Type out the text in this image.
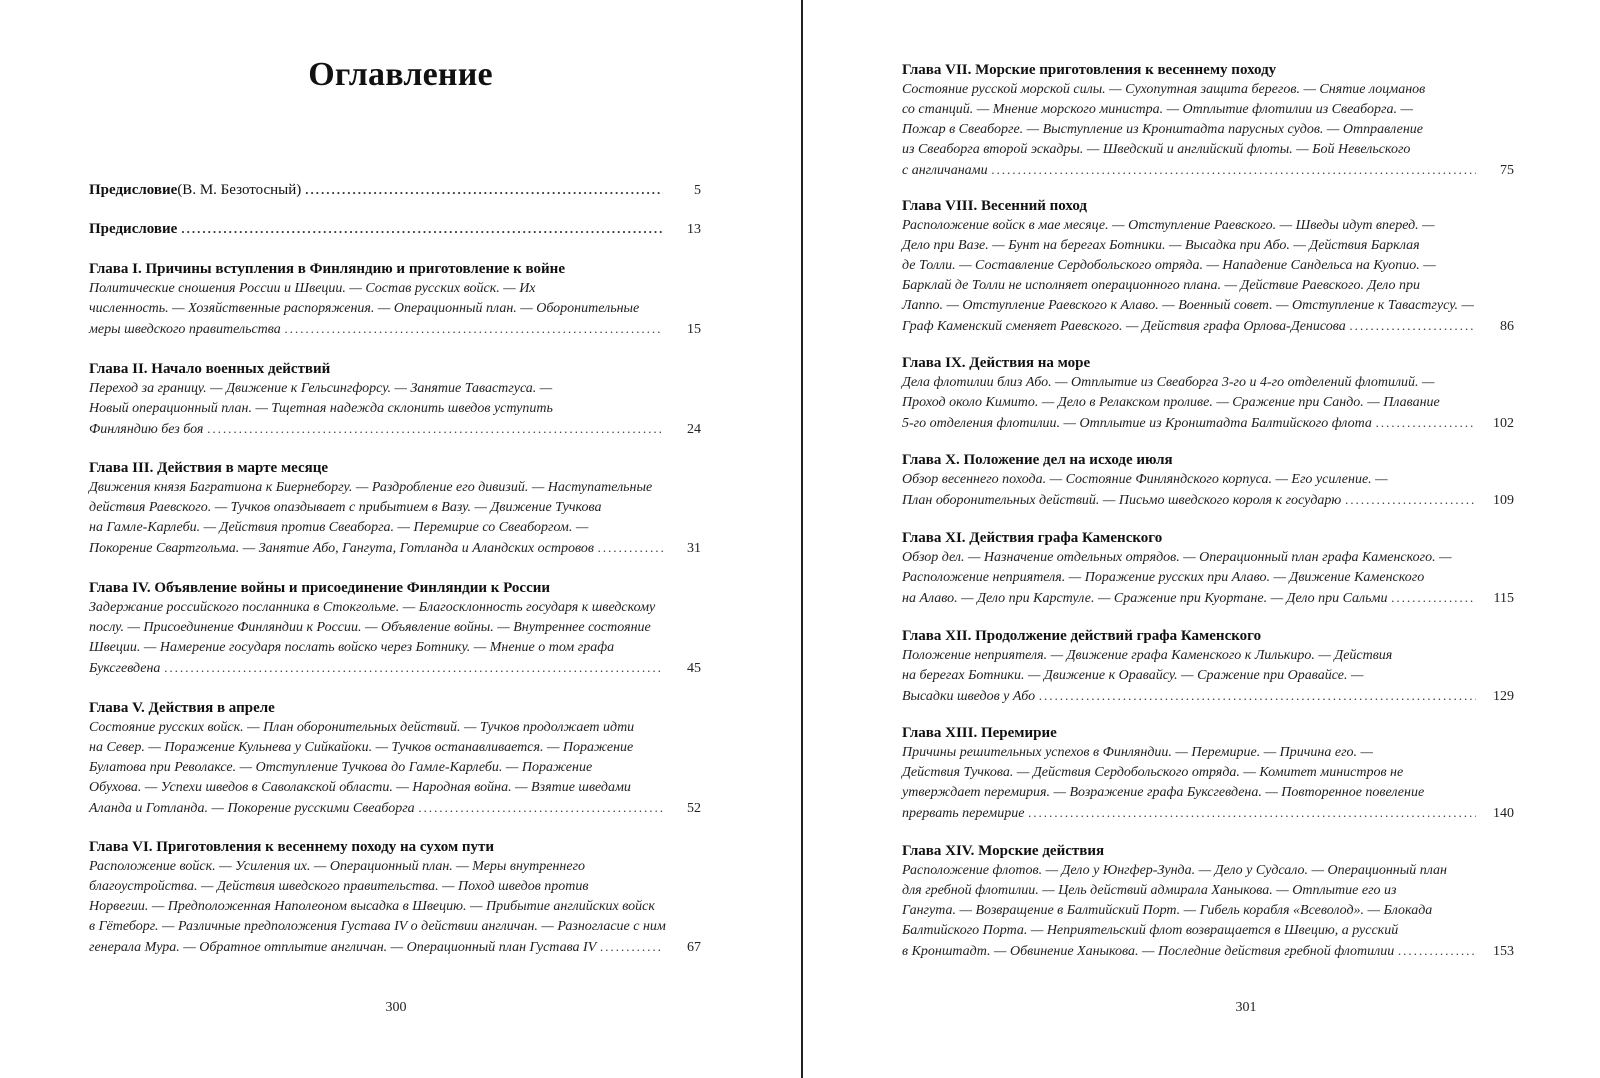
Оглавление
Предисловие (В. М. Безотосный) .....	5
Предисловие .....	13
Глава I. Причины вступления в Финляндию и приготовление к войне
Политические сношения России и Швеции. — Состав русских войск. — Их
численность. — Хозяйственные распоряжения. — Операционный план. — Оборонительные
меры шведского правительства .....	15
Глава II. Начало военных действий
Переход за границу. — Движение к Гельсингфорсу. — Занятие Тавастгуса. —
Новый операционный план. — Тщетная надежда склонить шведов уступить
Финляндию без боя .....	24
Глава III. Действия в марте месяце
Движения князя Багратиона к Биернеборгу. — Раздробление его дивизий. — Наступательные
действия Раевского. — Тучков опаздывает с прибытием в Вазу. — Движение Тучкова
на Гамле-Карлеби. — Действия против Свеаборга. — Перемирие со Свеаборгом. —
Покорение Свартгольма. — Занятие Або, Гангута, Готланда и Аландских островов .....	31
Глава IV. Объявление войны и присоединение Финляндии к России
Задержание российского посланника в Стокгольме. — Благосклонность государя к шведскому
послу. — Присоединение Финляндии к России. — Объявление войны. — Внутреннее состояние
Швеции. — Намерение государя послать войско через Ботнику. — Мнение о том графа
Буксгевдена .....	45
Глава V. Действия в апреле
Состояние русских войск. — План оборонительных действий. — Тучков продолжает идти
на Север. — Поражение Кульнева у Сийкайоки. — Тучков останавливается. — Поражение
Булатова при Револаксе. — Отступление Тучкова до Гамле-Карлеби. — Поражение
Обухова. — Успехи шведов в Саволакской области. — Народная война. — Взятие шведами
Аланда и Готланда. — Покорение русскими Свеаборга .....	52
Глава VI. Приготовления к весеннему походу на сухом пути
Расположение войск. — Усиления их. — Операционный план. — Меры внутреннего
благоустройства. — Действия шведского правительства. — Поход шведов против
Норвегии. — Предположенная Наполеоном высадка в Швецию. — Прибытие английских войск
в Гётеборг. — Различные предположения Густава IV о действии англичан. — Разногласие с ним
генерала Мура. — Обратное отплытие англичан. — Операционный план Густава IV .....	67
300
Глава VII. Морские приготовления к весеннему походу
Состояние русской морской силы. — Сухопутная защита берегов. — Снятие лоцманов
со станций. — Мнение морского министра. — Отплытие флотилии из Свеаборга. —
Пожар в Свеаборге. — Выступление из Кронштадта парусных судов. — Отправление
из Свеаборга второй эскадры. — Шведский и английский флоты. — Бой Невельского
с англичанами .....	75
Глава VIII. Весенний поход
Расположение войск в мае месяце. — Отступление Раевского. — Шведы идут вперед. —
Дело при Вазе. — Бунт на берегах Ботники. — Высадка при Або. — Действия Барклая
де Толли. — Составление Сердобольского отряда. — Нападение Сандельса на Куопио. —
Барклай де Толли не исполняет операционного плана. — Действие Раевского. Дело при
Лаппо. — Отступление Раевского к Алаво. — Военный совет. — Отступление к Тавастгусу. —
Граф Каменский сменяет Раевского. — Действия графа Орлова-Денисова .....	86
Глава IX. Действия на море
Дела флотилии близ Або. — Отплытие из Свеаборга 3-го и 4-го отделений флотилий. —
Проход около Кимито. — Дело в Релакском проливе. — Сражение при Сандо. — Плавание
5-го отделения флотилии. — Отплытие из Кронштадта Балтийского флота .....	102
Глава X. Положение дел на исходе июля
Обзор весеннего похода. — Состояние Финляндского корпуса. — Его усиление. —
План оборонительных действий. — Письмо шведского короля к государю .....	109
Глава XI. Действия графа Каменского
Обзор дел. — Назначение отдельных отрядов. — Операционный план графа Каменского. —
Расположение неприятеля. — Поражение русских при Алаво. — Движение Каменского
на Алаво. — Дело при Карстуле. — Сражение при Куортане. — Дело при Сальми .....	115
Глава XII. Продолжение действий графа Каменского
Положение неприятеля. — Движение графа Каменского к Лилькиро. — Действия
на берегах Ботники. — Движение к Оравайсу. — Сражение при Оравайсе. —
Высадки шведов у Або .....	129
Глава XIII. Перемирие
Причины решительных успехов в Финляндии. — Перемирие. — Причина его. —
Действия Тучкова. — Действия Сердобольского отряда. — Комитет министров не
утверждает перемирия. — Возражение графа Буксгевдена. — Повторенное повеление
прервать перемирие .....	140
Глава XIV. Морские действия
Расположение флотов. — Дело у Юнгфер-Зунда. — Дело у Судсало. — Операционный план
для гребной флотилии. — Цель действий адмирала Ханыкова. — Отплытие его из
Гангута. — Возвращение в Балтийский Порт. — Гибель корабля «Всеволод». — Блокада
Балтийского Порта. — Неприятельский флот возвращается в Швецию, а русский
в Кронштадт. — Обвинение Ханыкова. — Последние действия гребной флотилии .....	153
301
